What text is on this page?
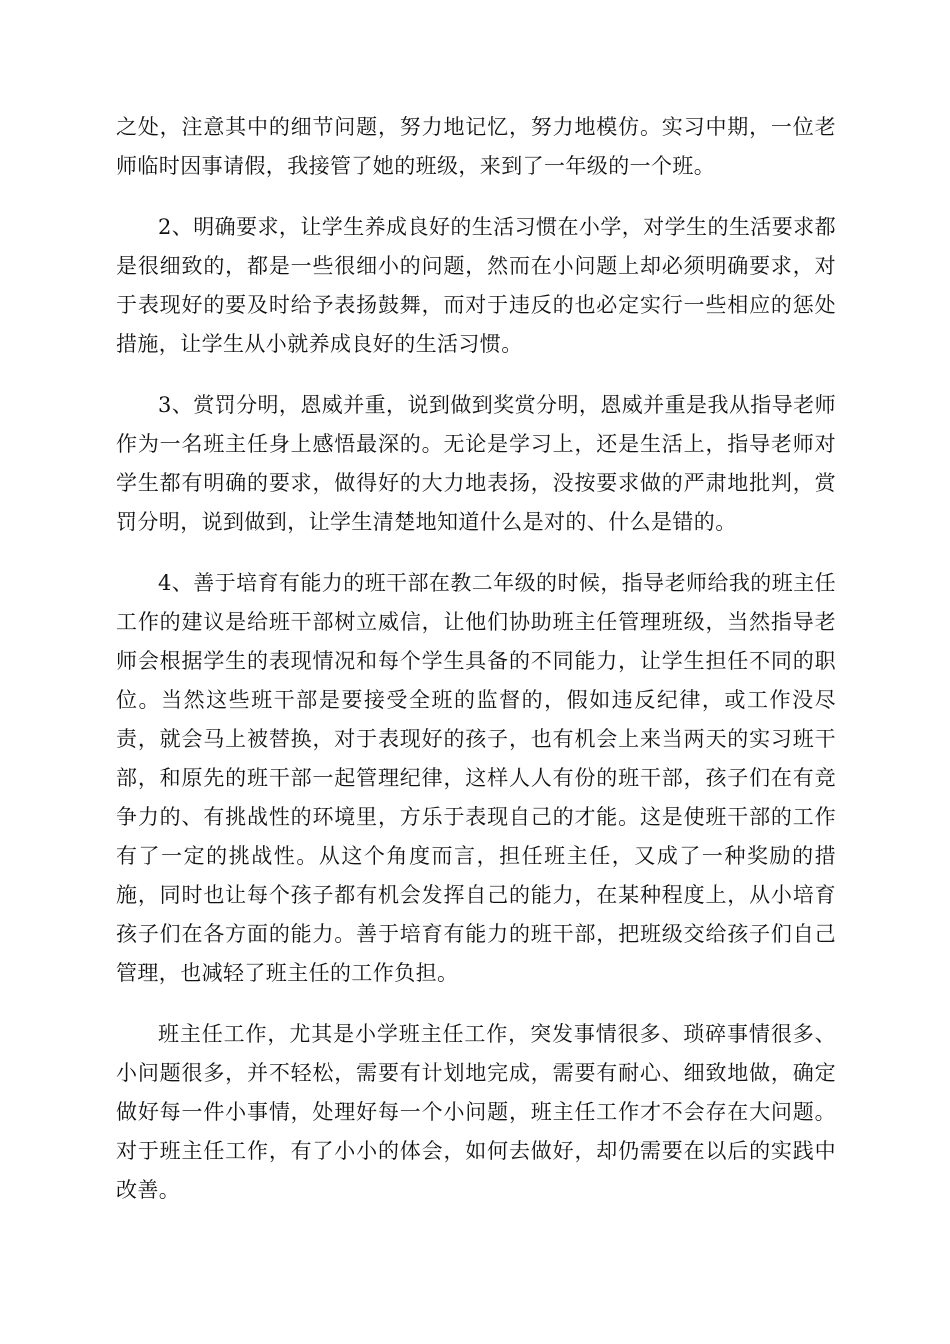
之处，注意其中的细节问题，努力地记忆，努力地模仿。实习中期，一位老师临时因事请假，我接管了她的班级，来到了一年级的一个班。

2、明确要求，让学生养成良好的生活习惯在小学，对学生的生活要求都是很细致的，都是一些很细小的问题，然而在小问题上却必须明确要求，对于表现好的要及时给予表扬鼓舞，而对于违反的也必定实行一些相应的惩处措施，让学生从小就养成良好的生活习惯。

3、赏罚分明，恩威并重，说到做到奖赏分明，恩威并重是我从指导老师作为一名班主任身上感悟最深的。无论是学习上，还是生活上，指导老师对学生都有明确的要求，做得好的大力地表扬，没按要求做的严肃地批判，赏罚分明，说到做到，让学生清楚地知道什么是对的、什么是错的。

4、善于培育有能力的班干部在教二年级的时候，指导老师给我的班主任工作的建议是给班干部树立威信，让他们协助班主任管理班级，当然指导老师会根据学生的表现情况和每个学生具备的不同能力，让学生担任不同的职位。当然这些班干部是要接受全班的监督的，假如违反纪律，或工作没尽责，就会马上被替换，对于表现好的孩子，也有机会上来当两天的实习班干部，和原先的班干部一起管理纪律，这样人人有份的班干部，孩子们在有竞争力的、有挑战性的环境里，方乐于表现自己的才能。这是使班干部的工作有了一定的挑战性。从这个角度而言，担任班主任，又成了一种奖励的措施，同时也让每个孩子都有机会发挥自己的能力，在某种程度上，从小培育孩子们在各方面的能力。善于培育有能力的班干部，把班级交给孩子们自己管理，也减轻了班主任的工作负担。

班主任工作，尤其是小学班主任工作，突发事情很多、琐碎事情很多、小问题很多，并不轻松，需要有计划地完成，需要有耐心、细致地做，确定做好每一件小事情，处理好每一个小问题，班主任工作才不会存在大问题。对于班主任工作，有了小小的体会，如何去做好，却仍需要在以后的实践中改善。
